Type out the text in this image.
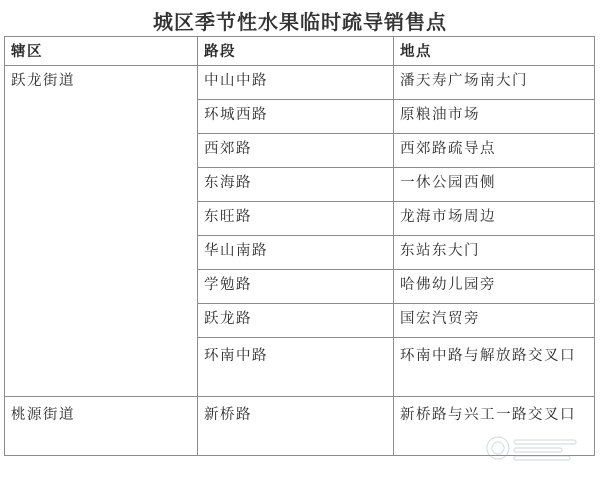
城区季节性水果临时疏导销售点
辖区	路段	地点
跃龙街道	中山中路	潘天寿广场南大门
	环城西路	原粮油市场
	西郊路	西郊路疏导点
	东海路	一休公园西侧
	东旺路	龙海市场周边
	华山南路	东站东大门
	学勉路	哈佛幼儿园旁
	跃龙路	国宏汽贸旁
	环南中路	环南中路与解放路交叉口
桃源街道	新桥路	新桥路与兴工一路交叉口
